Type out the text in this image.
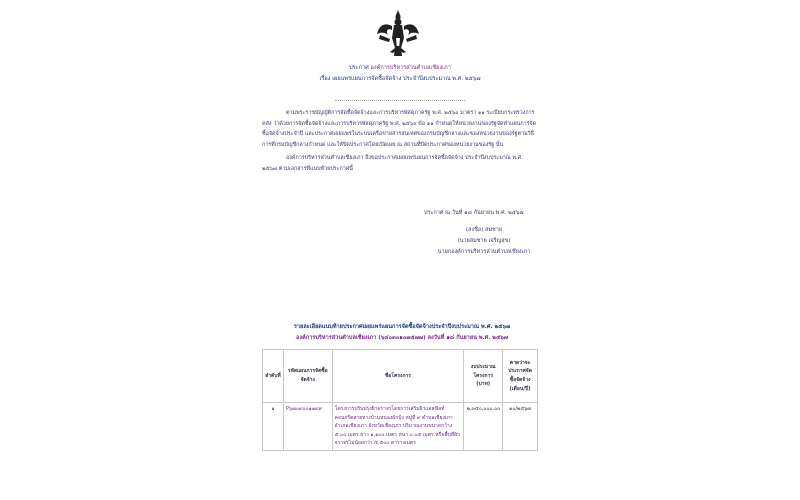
ประกาศ องค์การบริหารส่วนตำบลเชียงเภา
เรื่อง เผยแพร่แผนการจัดซื้อจัดจ้าง ประจำปีงบประมาณ พ.ศ. ๒๕๖๗

ตามพระราชบัญญัติการจัดซื้อจัดจ้างและการบริหารพัสดุภาครัฐ พ.ศ. ๒๕๖๐ มาตรา ๑๑ ระเบียบกระทรวงการคลัง ว่าด้วยการจัดซื้อจัดจ้างและการบริหารพัสดุภาครัฐ พ.ศ. ๒๕๖๐ ข้อ ๑๑ กำหนดให้หน่วยงานของรัฐจัดทำแผนการจัดซื้อจัดจ้างประจำปี และประกาศเผยแพร่ในระบบเครือข่ายสารสนเทศของกรมบัญชีกลางและของหน่วยงานของรัฐตามวิธีการที่กรมบัญชีกลางกำหนด และให้ปิดประกาศโดยเปิดเผย ณ สถานที่ปิดประกาศของหน่วยงานของรัฐ นั้น

องค์การบริหารส่วนตำบลเชียงเภา จึงขอประกาศเผยแพร่แผนการจัดซื้อจัดจ้าง ประจำปีงบประมาณ พ.ศ. ๒๕๖๗ ตามเอกสารที่แนบท้ายประกาศนี้

ประกาศ ณ วันที่ ๑๘ กันยายน พ.ศ. ๒๕๖๗
(ลงชื่อ) สมชาย
(นายสมชาย เจริญสุข)
นายกองค์การบริหารส่วนตำบลเชียงเภา
รายละเอียดแนบท้ายประกาศเผยแพร่แผนการจัดซื้อจัดจ้างประจำปีงบประมาณ พ.ศ. ๒๕๖๗
องค์การบริหารส่วนตำบลเชียงเภา (๖๔๐๓๐๑๐๗๕๗๗) ลงวันที่ ๑๘ กันยายน พ.ศ. ๒๕๖๗
ลำดับที่	รหัสแผนการจัดซื้อจัดจ้าง	ชื่อโครงการ	งบประมาณโครงการ (บาท)	คาดว่าจะประกาศจัดซื้อจัดจ้าง (เดือน/ปี)
๑	P๖๗๐๙๐๐๑๑๙๙	โครงการปรับปรุงผิวจราจรโดยการเสริมผิวแอสฟัลท์คอนกรีตสายทางบ้านหนองผักบุ้ง หมู่ที่ ๙ ตำบลเชียงเภา อำเภอเชียงเภา จังหวัดเชียงเภา ปริมาณงานขนาดกว้าง ๕.๐๐ เมตร ยาว ๑,๑๐๐ เมตร หนา ๐.๐๕ เมตร หรือพื้นที่ผิวจราจรไม่น้อยกว่า ๕,๕๐๐ ตารางเมตร	๒,๓๕๐,๐๐๐.๐๐	๑๐/๒๕๖๗
